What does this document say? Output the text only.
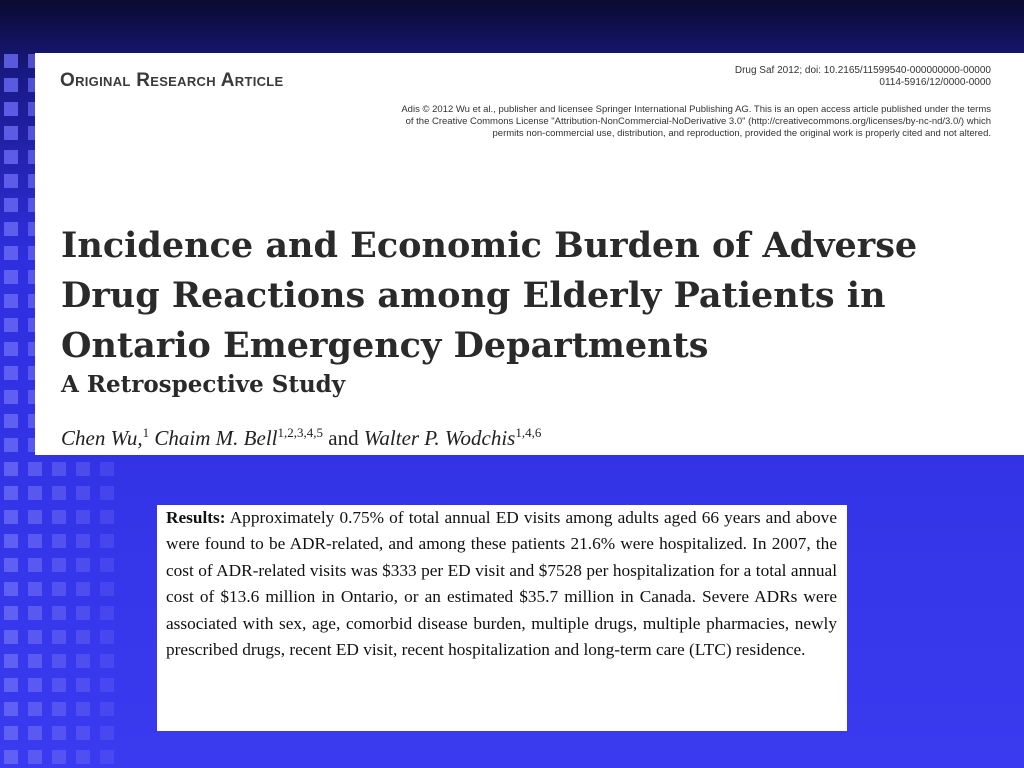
Original Research Article	Drug Saf 2012; doi: 10.2165/11599540-000000000-00000
0114-5916/12/0000-0000

Adis © 2012 Wu et al., publisher and licensee Springer International Publishing AG. This is an open access article published under the terms of the Creative Commons License "Attribution-NonCommercial-NoDerivative 3.0" (http://creativecommons.org/licenses/by-nc-nd/3.0/) which permits non-commercial use, distribution, and reproduction, provided the original work is properly cited and not altered.

Incidence and Economic Burden of Adverse Drug Reactions among Elderly Patients in Ontario Emergency Departments
A Retrospective Study

Chen Wu,$^1$ Chaim M. Bell$^{1,2,3,4,5}$ and Walter P. Wodchis$^{1,4,6}$

Results: Approximately 0.75% of total annual ED visits among adults aged 66 years and above were found to be ADR-related, and among these patients 21.6% were hospitalized. In 2007, the cost of ADR-related visits was $333 per ED visit and $7528 per hospitalization for a total annual cost of $13.6 million in Ontario, or an estimated $35.7 million in Canada. Severe ADRs were associated with sex, age, comorbid disease burden, multiple drugs, multiple pharmacies, newly prescribed drugs, recent ED visit, recent hospitalization and long-term care (LTC) residence.
